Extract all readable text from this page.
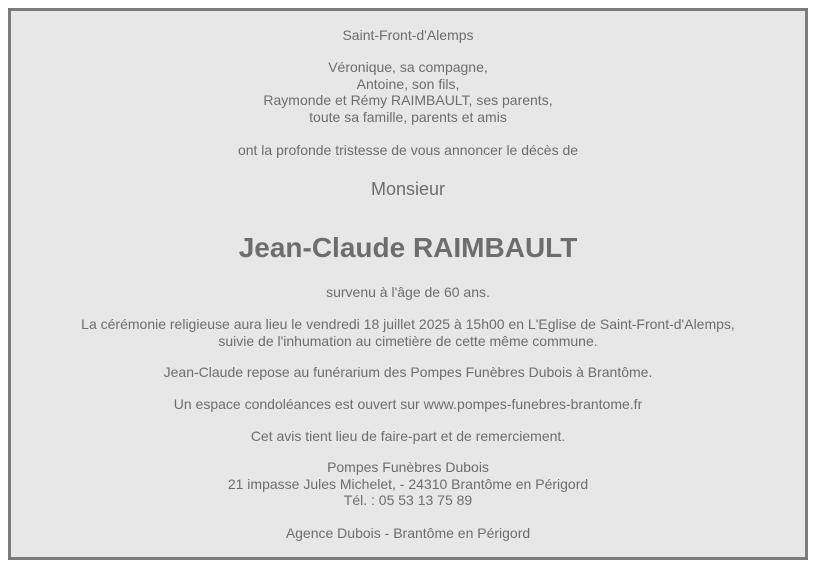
Saint-Front-d'Alemps
Véronique, sa compagne,
Antoine, son fils,
Raymonde et Rémy RAIMBAULT, ses parents,
toute sa famille, parents et amis
ont la profonde tristesse de vous annoncer le décès de
Monsieur
Jean-Claude RAIMBAULT
survenu à l'âge de 60 ans.
La cérémonie religieuse aura lieu le vendredi 18 juillet 2025 à 15h00 en L'Eglise de Saint-Front-d'Alemps,
suivie de l'inhumation au cimetière de cette même commune.
Jean-Claude repose au funérarium des Pompes Funèbres Dubois à Brantôme.
Un espace condoléances est ouvert sur www.pompes-funebres-brantome.fr
Cet avis tient lieu de faire-part et de remerciement.
Pompes Funèbres Dubois
21 impasse Jules Michelet, - 24310 Brantôme en Périgord
Tél. : 05 53 13 75 89
Agence Dubois - Brantôme en Périgord
